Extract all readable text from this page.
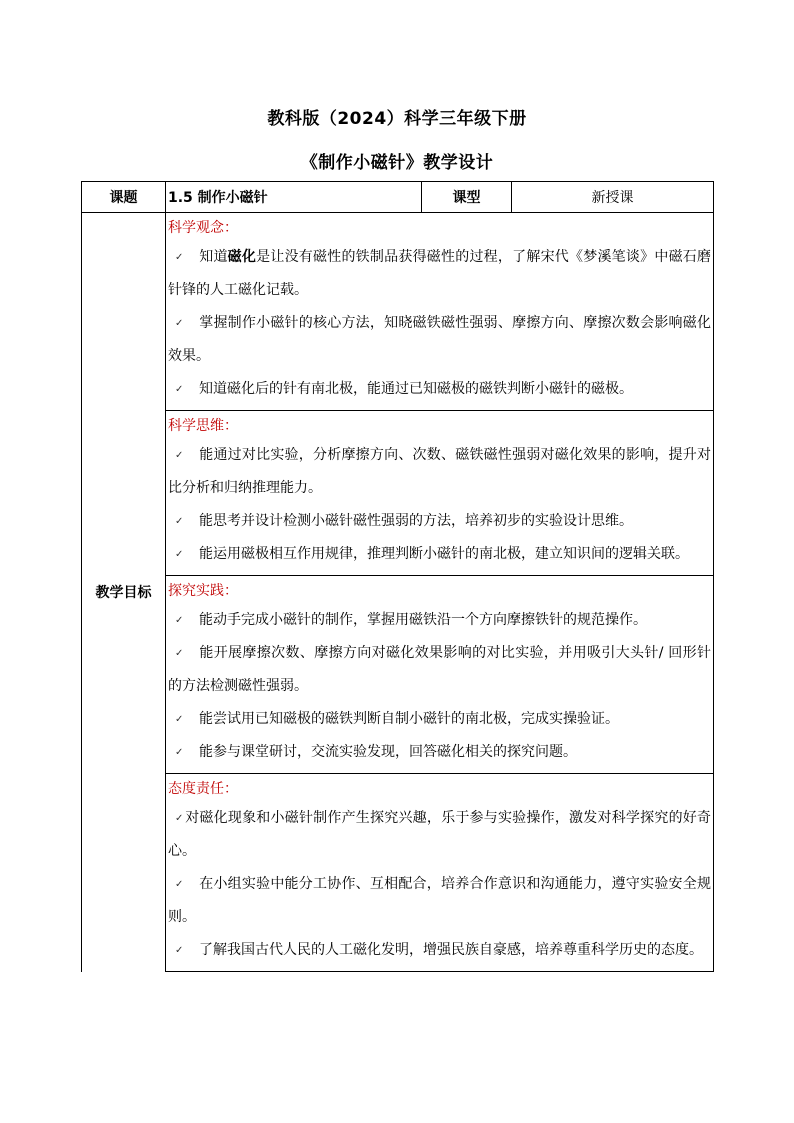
教科版（2024）科学三年级下册
《制作小磁针》教学设计
课题	1.5 制作小磁针	课型	新授课
教学目标	科学观念：

✓ 知道磁化是让没有磁性的铁制品获得磁性的过程，了解宋代《梦溪笔谈》中磁石磨针锋的人工磁化记载。

✓ 掌握制作小磁针的核心方法，知晓磁铁磁性强弱、摩擦方向、摩擦次数会影响磁化效果。

✓ 知道磁化后的针有南北极，能通过已知磁极的磁铁判断小磁针的磁极。		

	科学思维：

✓ 能通过对比实验，分析摩擦方向、次数、磁铁磁性强弱对磁化效果的影响，提升对比分析和归纳推理能力。

✓ 能思考并设计检测小磁针磁性强弱的方法，培养初步的实验设计思维。

✓ 能运用磁极相互作用规律，推理判断小磁针的南北极，建立知识间的逻辑关联。		

	探究实践：

✓ 能动手完成小磁针的制作，掌握用磁铁沿一个方向摩擦铁针的规范操作。

✓ 能开展摩擦次数、摩擦方向对磁化效果影响的对比实验，并用吸引大头针/ 回形针的方法检测磁性强弱。

✓ 能尝试用已知磁极的磁铁判断自制小磁针的南北极，完成实操验证。

✓ 能参与课堂研讨，交流实验发现，回答磁化相关的探究问题。		

	态度责任：

✓ 对磁化现象和小磁针制作产生探究兴趣，乐于参与实验操作，激发对科学探究的好奇心。

✓ 在小组实验中能分工协作、互相配合，培养合作意识和沟通能力，遵守实验安全规则。

✓ 了解我国古代人民的人工磁化发明，增强民族自豪感，培养尊重科学历史的态度。		
